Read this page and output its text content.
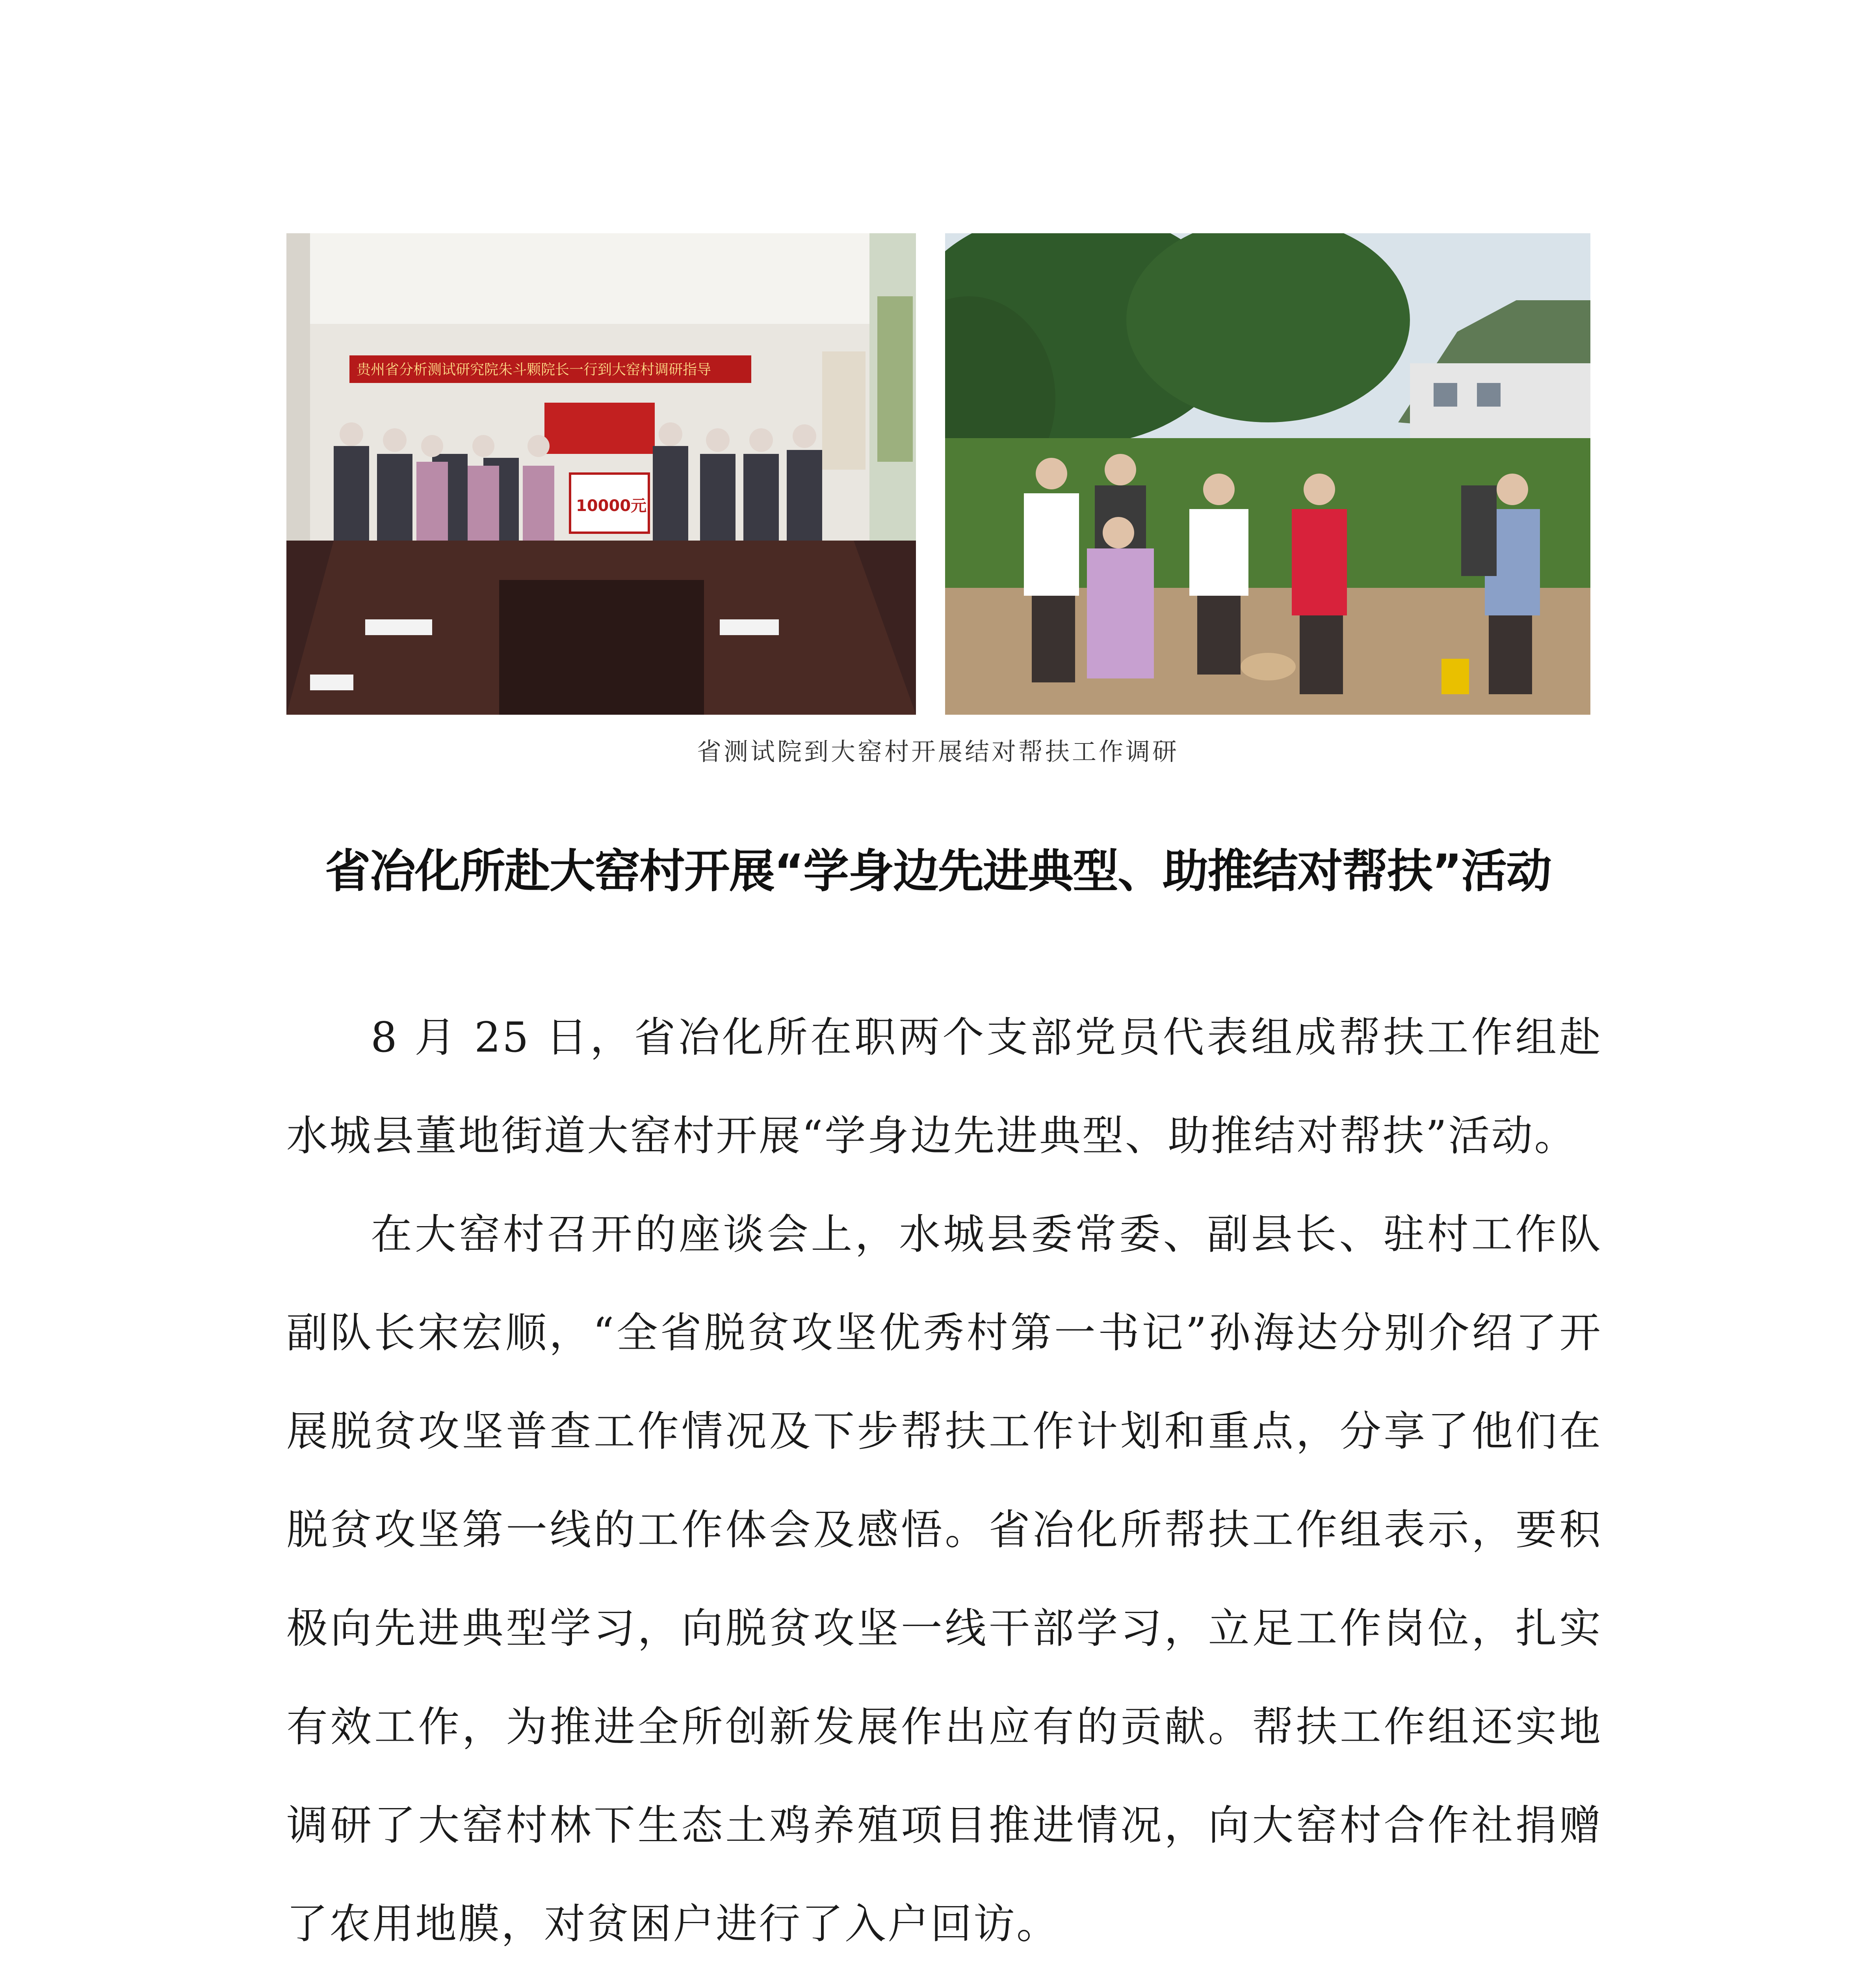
贵州省分析测试研究院朱斗颗院长一行到大窑村调研指导
10000元
省测试院到大窑村开展结对帮扶工作调研
省冶化所赴大窑村开展“学身边先进典型、助推结对帮扶”活动

8 月 25 日，省冶化所在职两个支部党员代表组成帮扶工作组赴水城县董地街道大窑村开展“学身边先进典型、助推结对帮扶”活动。

在大窑村召开的座谈会上，水城县委常委、副县长、驻村工作队副队长宋宏顺，“全省脱贫攻坚优秀村第一书记”孙海达分别介绍了开展脱贫攻坚普查工作情况及下步帮扶工作计划和重点，分享了他们在脱贫攻坚第一线的工作体会及感悟。省冶化所帮扶工作组表示，要积极向先进典型学习，向脱贫攻坚一线干部学习，立足工作岗位，扎实有效工作，为推进全所创新发展作出应有的贡献。帮扶工作组还实地调研了大窑村林下生态土鸡养殖项目推进情况，向大窑村合作社捐赠了农用地膜，对贫困户进行了入户回访。
